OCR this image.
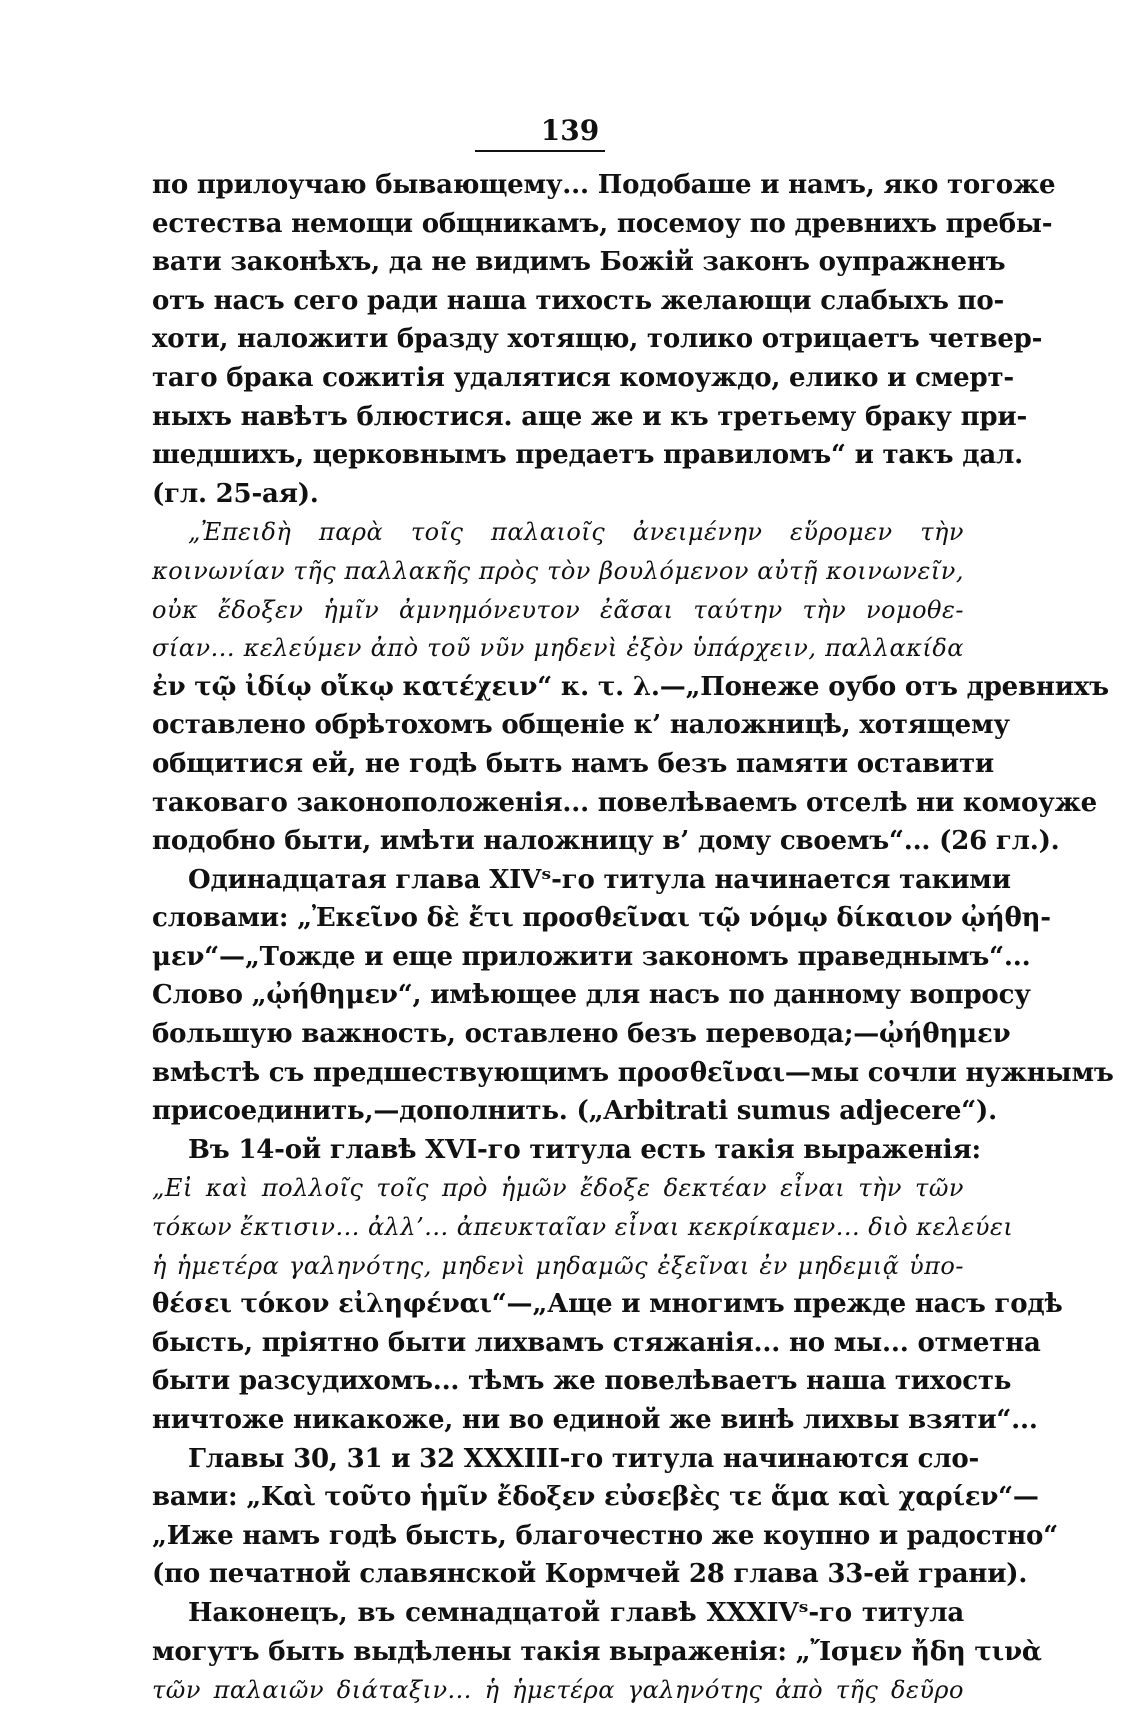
139
по прилоучаю бывающему... Подобаше и намъ, яко тогоже
естества немощи общникамъ, посемоу по древнихъ пребы-
вати законѣхъ, да не видимъ Божій законъ оупражненъ
отъ насъ сего ради наша тихость желающи слабыхъ по-
хоти, наложити бразду хотящю, толико отрицаетъ четвер-
таго брака сожитія удалятися комоуждо, елико и смерт-
ныхъ навѣтъ блюстися. аще же и къ третьему браку при-
шедшихъ, церковнымъ предаетъ правиломъ“ и такъ дал.
(гл. 25-ая).
„Ἐπειδὴ παρὰ τοῖς παλαιοῖς ἀνειμένην εὕρομεν τὴν
κοινωνίαν τῆς παλλακῆς πρὸς τὸν βουλόμενον αὐτῇ κοινωνεῖν,
οὐκ ἔδοξεν ἡμῖν ἀμνημόνευτον ἐᾶσαι ταύτην τὴν νομοθε-
σίαν... κελεύμεν ἀπὸ τοῦ νῦν μηδενὶ ἐξὸν ὑπάρχειν, παλλακίδα
ἐν τῷ ἰδίῳ οἴκῳ κατέχειν“ κ. τ. λ.—„Понеже оубо отъ древнихъ
оставлено обрѣтохомъ общеніе к’ наложницѣ, хотящему
общитися ей, не годѣ быть намъ безъ памяти оставити
таковаго законоположенія... повелѣваемъ отселѣ ни комоуже
подобно быти, имѣти наложницу в’ дому своемъ“... (26 гл.).
Одинадцатая глава XIVˢ-го титула начинается такими
словами: „Ἐκεῖνο δὲ ἔτι προσθεῖναι τῷ νόμῳ δίκαιον ᾠήθη-
μεν“—„Тожде и еще приложити закономъ праведнымъ“...
Слово „ᾠήθημεν“, имѣющее для насъ по данному вопросу
большую важность, оставлено безъ перевода;—ᾠήθημεν
вмѣстѣ съ предшествующимъ προσθεῖναι—мы сочли нужнымъ
присоединить,—дополнить. („Arbitrati sumus adjecere“).
Въ 14-ой главѣ XVI-го титула есть такія выраженія:
„Εἰ καὶ πολλοῖς τοῖς πρὸ ἡμῶν ἔδοξε δεκτέαν εἶναι τὴν τῶν
τόκων ἔκτισιν... ἀλλ’... ἀπευκταῖαν εἶναι κεκρίκαμεν... διὸ κελεύει
ἡ ἡμετέρα γαληνότης, μηδενὶ μηδαμῶς ἐξεῖναι ἐν μηδεμιᾷ ὑπο-
θέσει τόκον εἰληφέναι“—„Аще и многимъ прежде насъ годѣ
бысть, пріятно быти лихвамъ стяжанія... но мы... отметна
быти разсудихомъ... тѣмъ же повелѣваетъ наша тихость
ничтоже никакоже, ни во единой же винѣ лихвы взяти“...
Главы 30, 31 и 32 XXXIII-го титула начинаются сло-
вами: „Καὶ τοῦτο ἡμῖν ἔδοξεν εὐσεβὲς τε ἅμα καὶ χαρίεν“—
„Иже намъ годѣ бысть, благочестно же коупно и радостно“
(по печатной славянской Кормчей 28 глава 33-ей грани).
Наконецъ, въ семнадцатой главѣ XXXIVˢ-го титула
могутъ быть выдѣлены такія выраженія: „Ἴσμεν ἤδη τινὰ
τῶν παλαιῶν διάταξιν... ἡ ἡμετέρα γαληνότης ἀπὸ τῆς δεῦρο
